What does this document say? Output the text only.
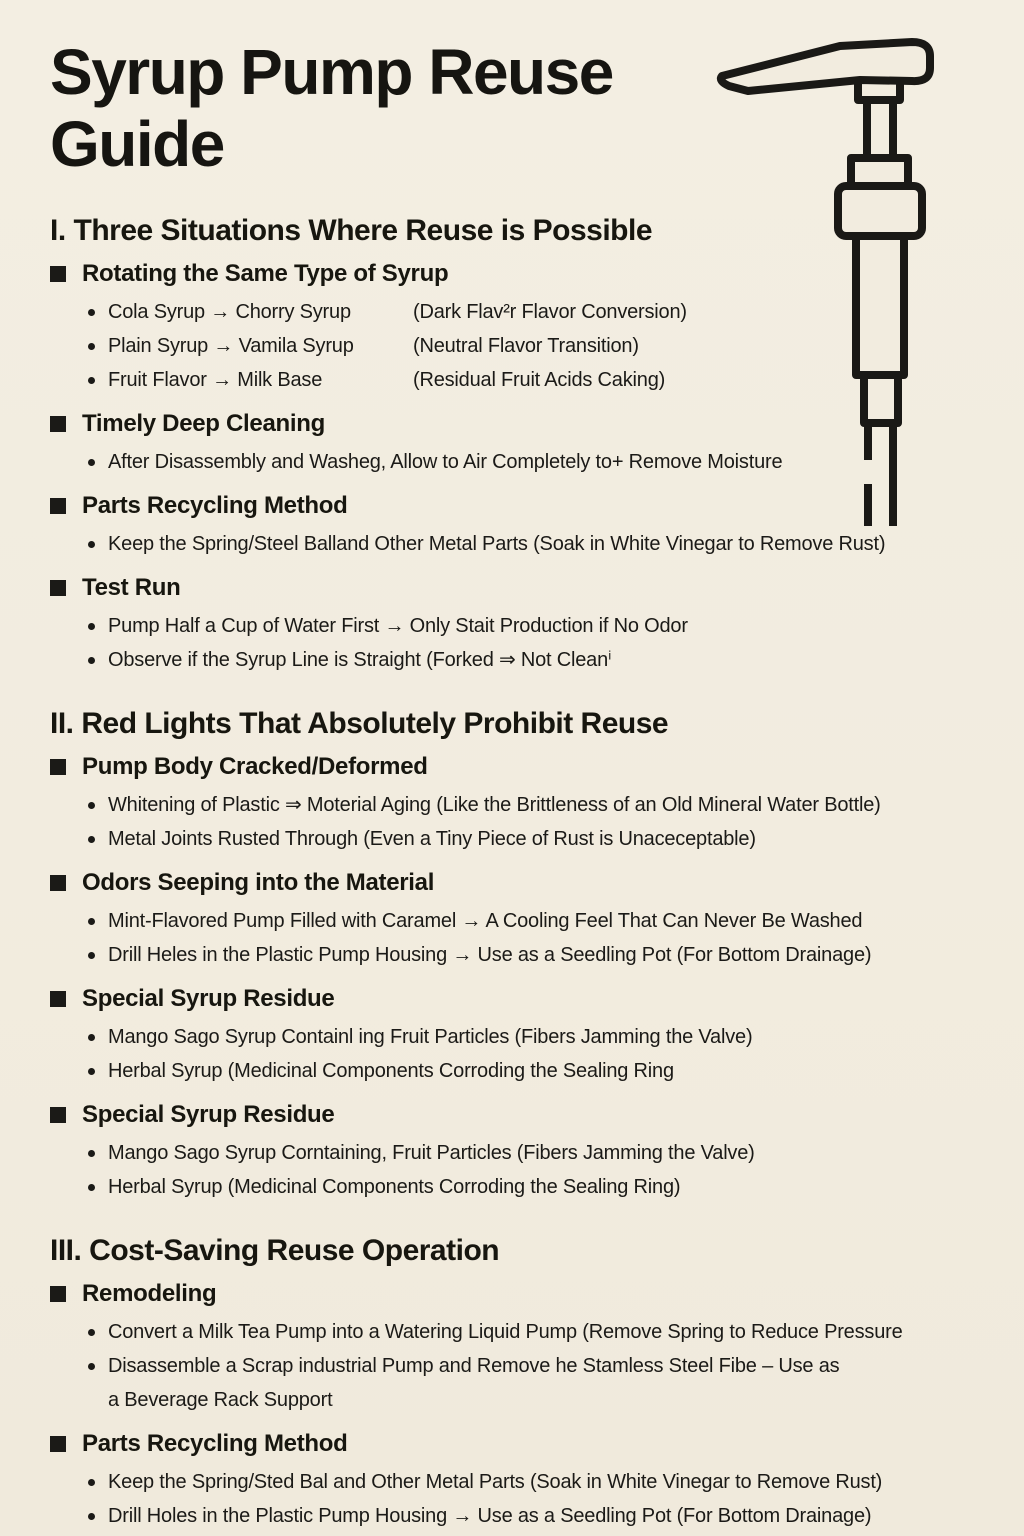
Syrup Pump Reuse
Guide
I. Three Situations Where Reuse is Possible
Rotating the Same Type of Syrup
Cola Syrup → Chorry Syrup	(Dark Flav²r Flavor Conversion)
Plain Syrup → Vamila Syrup	(Neutral Flavor Transition)
Fruit Flavor → Milk Base	(Residual Fruit Acids Caking)
Timely Deep Cleaning
After Disassembly and Washeg, Allow to Air Completely to+ Remove Moisture
Parts Recycling Method
Keep the Spring/Steel Balland Other Metal Parts (Soak in White Vinegar to Remove Rust)
Test Run
Pump Half a Cup of Water First → Only Stait Production if No Odor
Observe if the Syrup Line is Straight (Forked ⇒ Not Cleanⁱ
II. Red Lights That Absolutely Prohibit Reuse
Pump Body Cracked/Deformed
Whitening of Plastic ⇒ Moterial Aging (Like the Brittleness of an Old Mineral Water Bottle)
Metal Joints Rusted Through (Even a Tiny Piece of Rust is Unaceceptable)
Odors Seeping into the Material
Mint-Flavored Pump Filled with Caramel → A Cooling Feel That Can Never Be Washed
Drill Heles in the Plastic Pump Housing → Use as a Seedling Pot (For Bottom Drainage)
Special Syrup Residue
Mango Sago Syrup Containl ing Fruit Particles (Fibers Jamming the Valve)
Herbal Syrup (Medicinal Components Corroding the Sealing Ring
Special Syrup Residue
Mango Sago Syrup Corntaining, Fruit Particles (Fibers Jamming the Valve)
Herbal Syrup (Medicinal Components Corroding the Sealing Ring)
III. Cost-Saving Reuse Operation
Remodeling
Convert a Milk Tea Pump into a Watering Liquid Pump (Remove Spring to Reduce Pressure
Disassemble a Scrap industrial Pump and Remove he Stamless Steel Fibe – Use as
a Beverage Rack Support
Parts Recycling Method
Keep the Spring/Sted Bal and Other Metal Parts (Soak in White Vinegar to Remove Rust)
Drill Holes in the Plastic Pump Housing → Use as a Seedling Pot (For Bottom Drainage)
